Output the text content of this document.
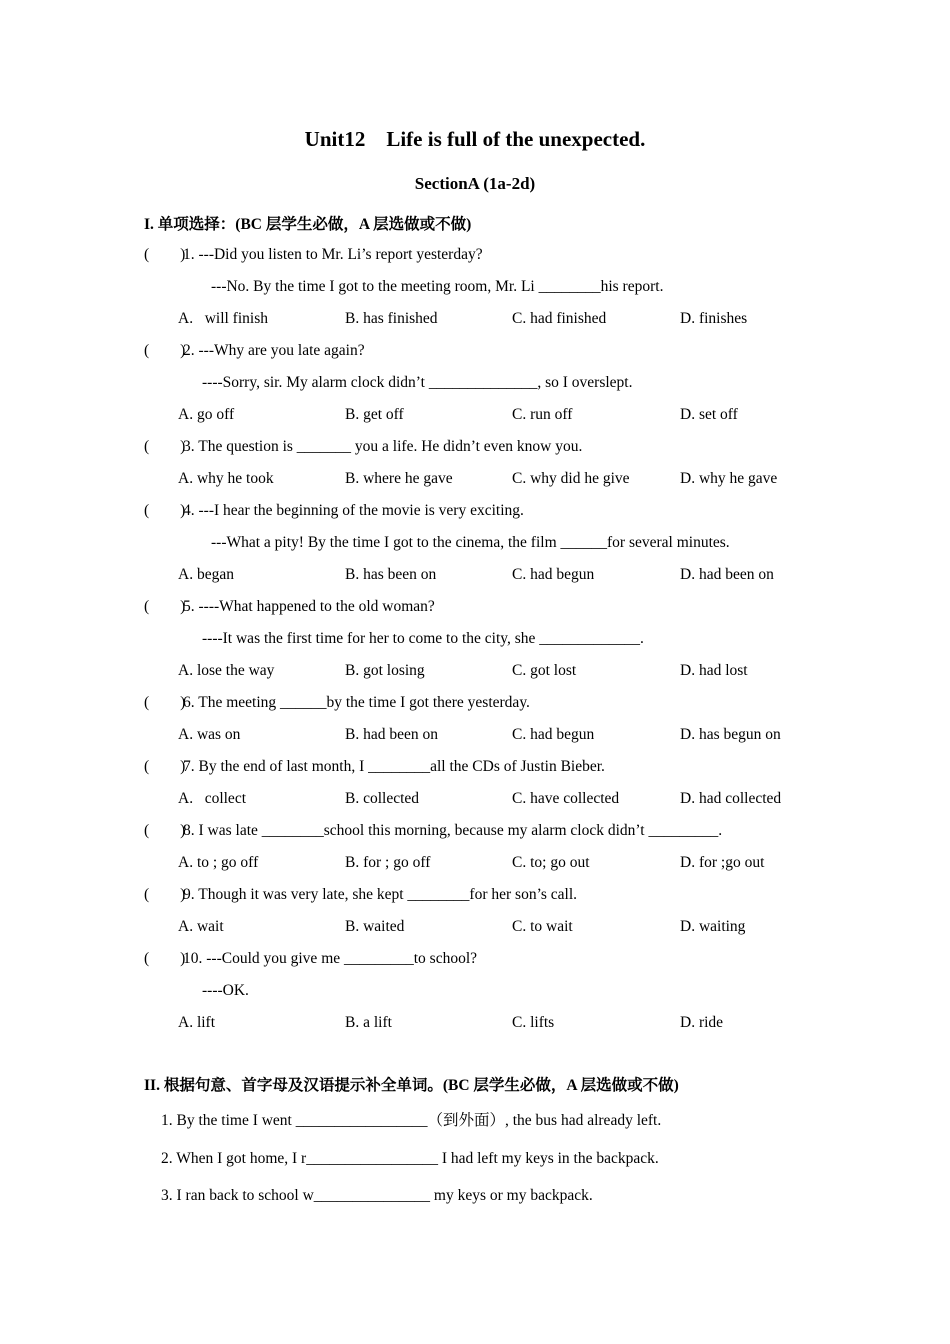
Unit12    Life is full of the unexpected.
SectionA (1a-2d)
I. 单项选择：(BC 层学生必做，A 层选做或不做)
(        )
1. ---Did you listen to Mr. Li’s report yesterday?
---No. By the time I got to the meeting room, Mr. Li ________his report.
A.   will finish	B. has finished	C. had finished	D. finishes
(        )
2. ---Why are you late again?
----Sorry, sir. My alarm clock didn’t ______________, so I overslept.
A. go off	B. get off	C. run off	D. set off
(        )
3. The question is _______ you a life. He didn’t even know you.
A. why he took	B. where he gave	C. why did he give	D. why he gave
(        )
4. ---I hear the beginning of the movie is very exciting.
---What a pity! By the time I got to the cinema, the film ______for several minutes.
A. began	B. has been on	C. had begun	D. had been on
(        )
5. ----What happened to the old woman?
----It was the first time for her to come to the city, she _____________.
A. lose the way	B. got losing	C. got lost	D. had lost
(        )
6. The meeting ______by the time I got there yesterday.
A. was on	B. had been on	C. had begun	D. has begun on
(        )
7. By the end of last month, I ________all the CDs of Justin Bieber.
A.   collect	B. collected	C. have collected	D. had collected
(        )
8. I was late ________school this morning, because my alarm clock didn’t _________.
A. to ; go off	B. for ; go off	C. to; go out	D. for ;go out
(        )
9. Though it was very late, she kept ________for her son’s call.
A. wait	B. waited	C. to wait	D. waiting
(        )
10. ---Could you give me _________to school?
----OK.
A. lift	B. a lift	C. lifts	D. ride
II. 根据句意、首字母及汉语提示补全单词。(BC 层学生必做，A 层选做或不做)
1. By the time I went _________________（到外面）, the bus had already left.
2. When I got home, I r_________________ I had left my keys in the backpack.
3. I ran back to school w_______________ my keys or my backpack.
